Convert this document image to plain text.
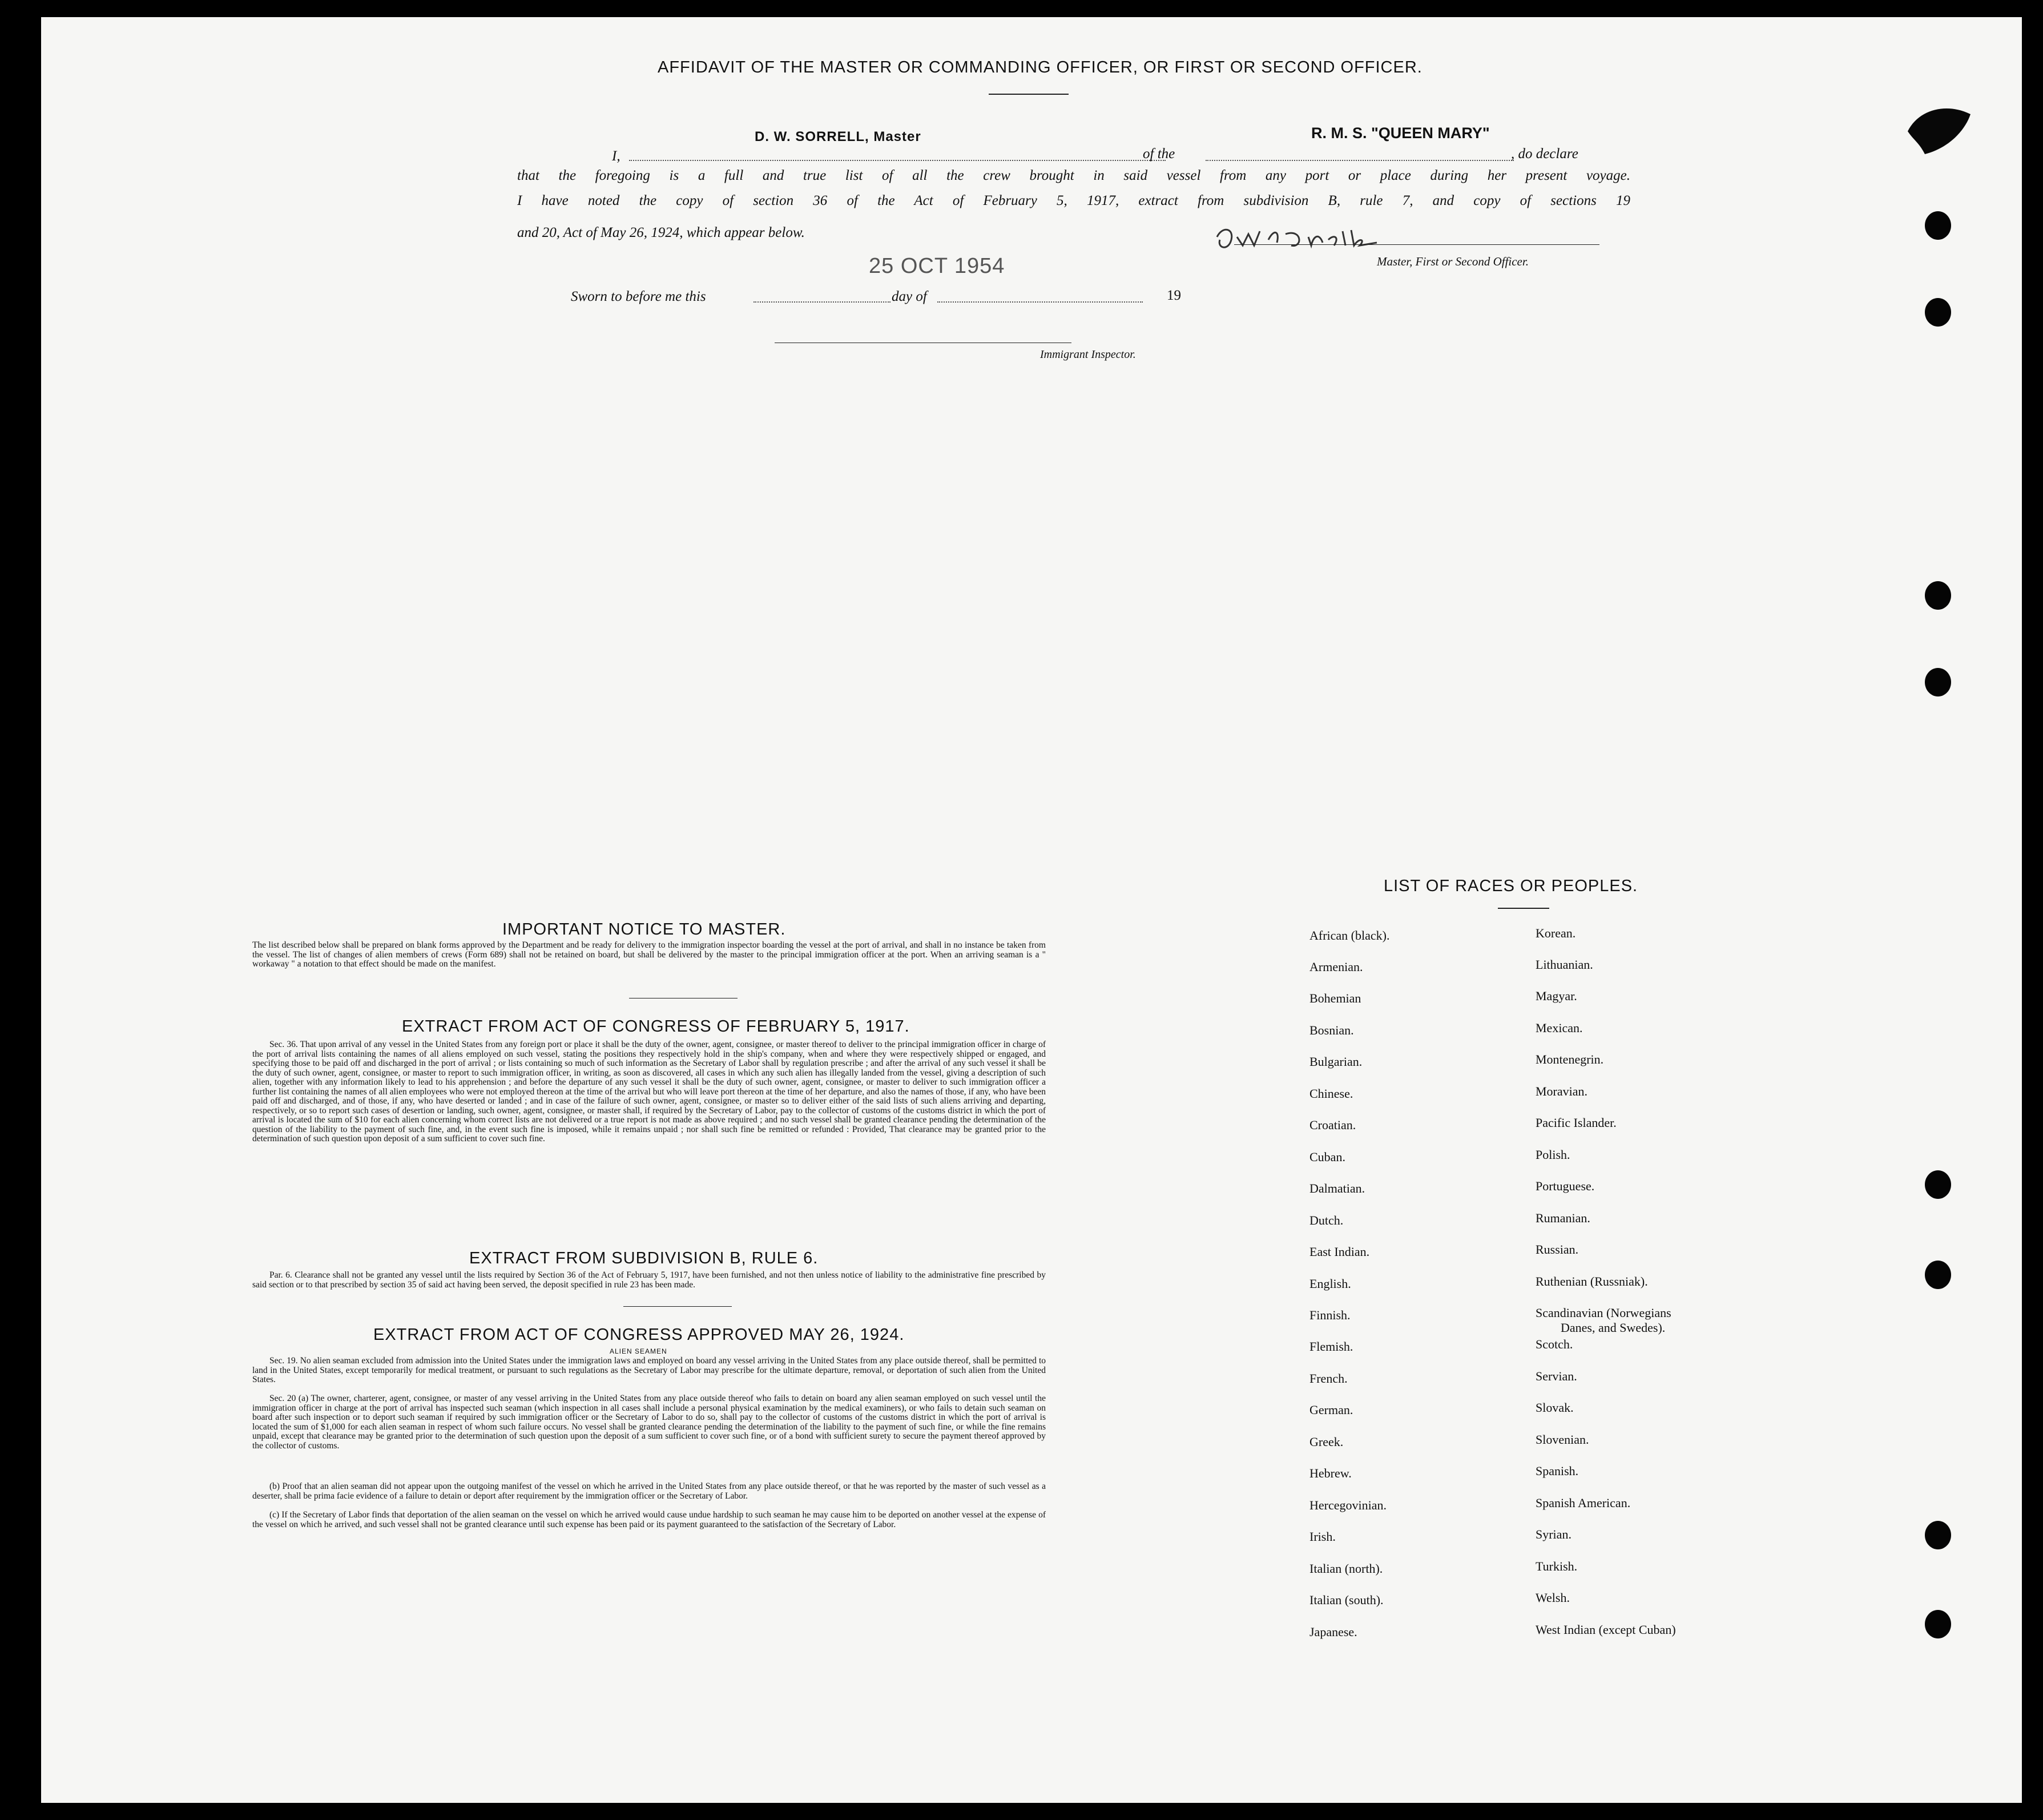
AFFIDAVIT OF THE MASTER OR COMMANDING OFFICER, OR FIRST OR SECOND OFFICER.
I,
D. W. SORRELL, Master
of the
R. M. S. "QUEEN MARY"
, do declare
that the foregoing is a full and true list of all the crew brought in said vessel from any port or place during her present voyage.
I have noted the copy of section 36 of the Act of February 5, 1917, extract from subdivision B, rule 7, and copy of sections 19
and 20, Act of May 26, 1924, which appear below.
Master, First or Second Officer.
25 OCT 1954
Sworn to before me this	day of	19
Immigrant Inspector.
IMPORTANT NOTICE TO MASTER.
The list described below shall be prepared on blank forms approved by the Department and be ready for delivery to the immigration inspector boarding the vessel at the port of arrival, and shall in no instance be taken from the vessel. The list of changes of alien members of crews (Form 689) shall not be retained on board, but shall be delivered by the master to the principal immigration officer at the port. When an arriving seaman is a " workaway " a notation to that effect should be made on the manifest.
EXTRACT FROM ACT OF CONGRESS OF FEBRUARY 5, 1917.
Sec. 36. That upon arrival of any vessel in the United States from any foreign port or place it shall be the duty of the owner, agent, consignee, or master thereof to deliver to the principal immigration officer in charge of the port of arrival lists containing the names of all aliens employed on such vessel, stating the positions they respectively hold in the ship's company, when and where they were respectively shipped or engaged, and specifying those to be paid off and discharged in the port of arrival ; or lists containing so much of such information as the Secretary of Labor shall by regulation prescribe ; and after the arrival of any such vessel it shall be the duty of such owner, agent, consignee, or master to report to such immigration officer, in writing, as soon as discovered, all cases in which any such alien has illegally landed from the vessel, giving a description of such alien, together with any information likely to lead to his apprehension ; and before the departure of any such vessel it shall be the duty of such owner, agent, consignee, or master to deliver to such immigration officer a further list containing the names of all alien employees who were not employed thereon at the time of the arrival but who will leave port thereon at the time of her departure, and also the names of those, if any, who have been paid off and discharged, and of those, if any, who have deserted or landed ; and in case of the failure of such owner, agent, consignee, or master so to deliver either of the said lists of such aliens arriving and departing, respectively, or so to report such cases of desertion or landing, such owner, agent, consignee, or master shall, if required by the Secretary of Labor, pay to the collector of customs of the customs district in which the port of arrival is located the sum of $10 for each alien concerning whom correct lists are not delivered or a true report is not made as above required ; and no such vessel shall be granted clearance pending the determination of the question of the liability to the payment of such fine, and, in the event such fine is imposed, while it remains unpaid ; nor shall such fine be remitted or refunded : Provided, That clearance may be granted prior to the determination of such question upon deposit of a sum sufficient to cover such fine.
EXTRACT FROM SUBDIVISION B, RULE 6.
Par. 6. Clearance shall not be granted any vessel until the lists required by Section 36 of the Act of February 5, 1917, have been furnished, and not then unless notice of liability to the administrative fine prescribed by said section or to that prescribed by section 35 of said act having been served, the deposit specified in rule 23 has been made.
EXTRACT FROM ACT OF CONGRESS APPROVED MAY 26, 1924.
ALIEN SEAMEN
Sec. 19. No alien seaman excluded from admission into the United States under the immigration laws and employed on board any vessel arriving in the United States from any place outside thereof, shall be permitted to land in the United States, except temporarily for medical treatment, or pursuant to such regulations as the Secretary of Labor may prescribe for the ultimate departure, removal, or deportation of such alien from the United States.
Sec. 20 (a) The owner, charterer, agent, consignee, or master of any vessel arriving in the United States from any place outside thereof who fails to detain on board any alien seaman employed on such vessel until the immigration officer in charge at the port of arrival has inspected such seaman (which inspection in all cases shall include a personal physical examination by the medical examiners), or who fails to detain such seaman on board after such inspection or to deport such seaman if required by such immigration officer or the Secretary of Labor to do so, shall pay to the collector of customs of the customs district in which the port of arrival is located the sum of $1,000 for each alien seaman in respect of whom such failure occurs. No vessel shall be granted clearance pending the determination of the liability to the payment of such fine, or while the fine remains unpaid, except that clearance may be granted prior to the determination of such question upon the deposit of a sum sufficient to cover such fine, or of a bond with sufficient surety to secure the payment thereof approved by the collector of customs.
(b) Proof that an alien seaman did not appear upon the outgoing manifest of the vessel on which he arrived in the United States from any place outside thereof, or that he was reported by the master of such vessel as a deserter, shall be prima facie evidence of a failure to detain or deport after requirement by the immigration officer or the Secretary of Labor.
(c) If the Secretary of Labor finds that deportation of the alien seaman on the vessel on which he arrived would cause undue hardship to such seaman he may cause him to be deported on another vessel at the expense of the vessel on which he arrived, and such vessel shall not be granted clearance until such expense has been paid or its payment guaranteed to the satisfaction of the Secretary of Labor.
LIST OF RACES OR PEOPLES.
African (black).
Armenian.
Bohemian
Bosnian.
Bulgarian.
Chinese.
Croatian.
Cuban.
Dalmatian.
Dutch.
East Indian.
English.
Finnish.
Flemish.
French.
German.
Greek.
Hebrew.
Hercegovinian.
Irish.
Italian (north).
Italian (south).
Japanese.
Korean.
Lithuanian.
Magyar.
Mexican.
Montenegrin.
Moravian.
Pacific Islander.
Polish.
Portuguese.
Rumanian.
Russian.
Ruthenian (Russniak).
Scandinavian (Norwegians
Danes, and Swedes).
Scotch.
Servian.
Slovak.
Slovenian.
Spanish.
Spanish American.
Syrian.
Turkish.
Welsh.
West Indian (except Cuban)
